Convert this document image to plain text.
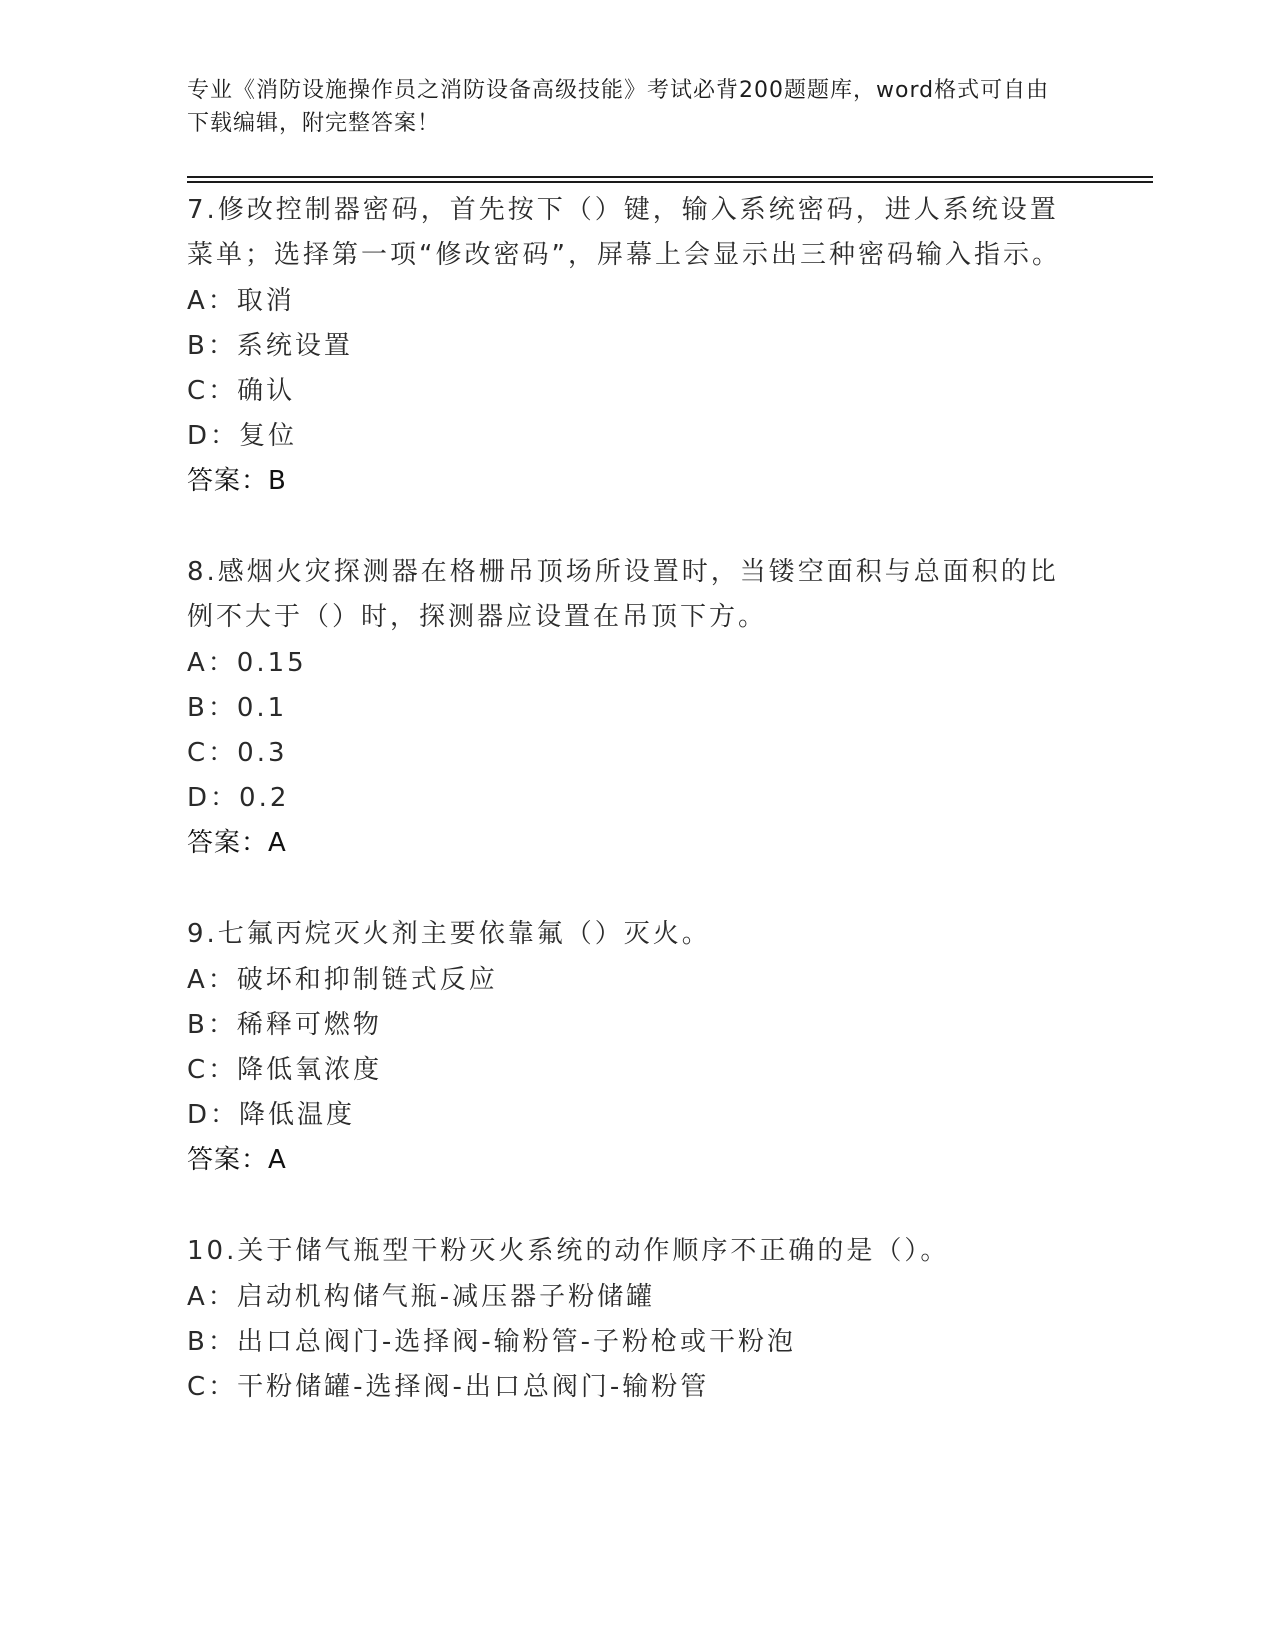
专业《消防设施操作员之消防设备高级技能》考试必背200题题库，word格式可自由下载编辑，附完整答案！
7.修改控制器密码，首先按下（）键，输入系统密码，进人系统设置菜单；选择第一项“修改密码”，屏幕上会显示出三种密码输入指示。
A：取消
B：系统设置
C：确认
D：复位
答案：B
8.感烟火灾探测器在格栅吊顶场所设置时，当镂空面积与总面积的比例不大于（）时，探测器应设置在吊顶下方。
A：0.15
B：0.1
C：0.3
D：0.2
答案：A
9.七氟丙烷灭火剂主要依靠氟（）灭火。
A：破坏和抑制链式反应
B：稀释可燃物
C：降低氧浓度
D：降低温度
答案：A
10.关于储气瓶型干粉灭火系统的动作顺序不正确的是（）。
A：启动机构储气瓶-减压器子粉储罐
B：出口总阀门-选择阀-输粉管-子粉枪或干粉泡
C：干粉储罐-选择阀-出口总阀门-输粉管
